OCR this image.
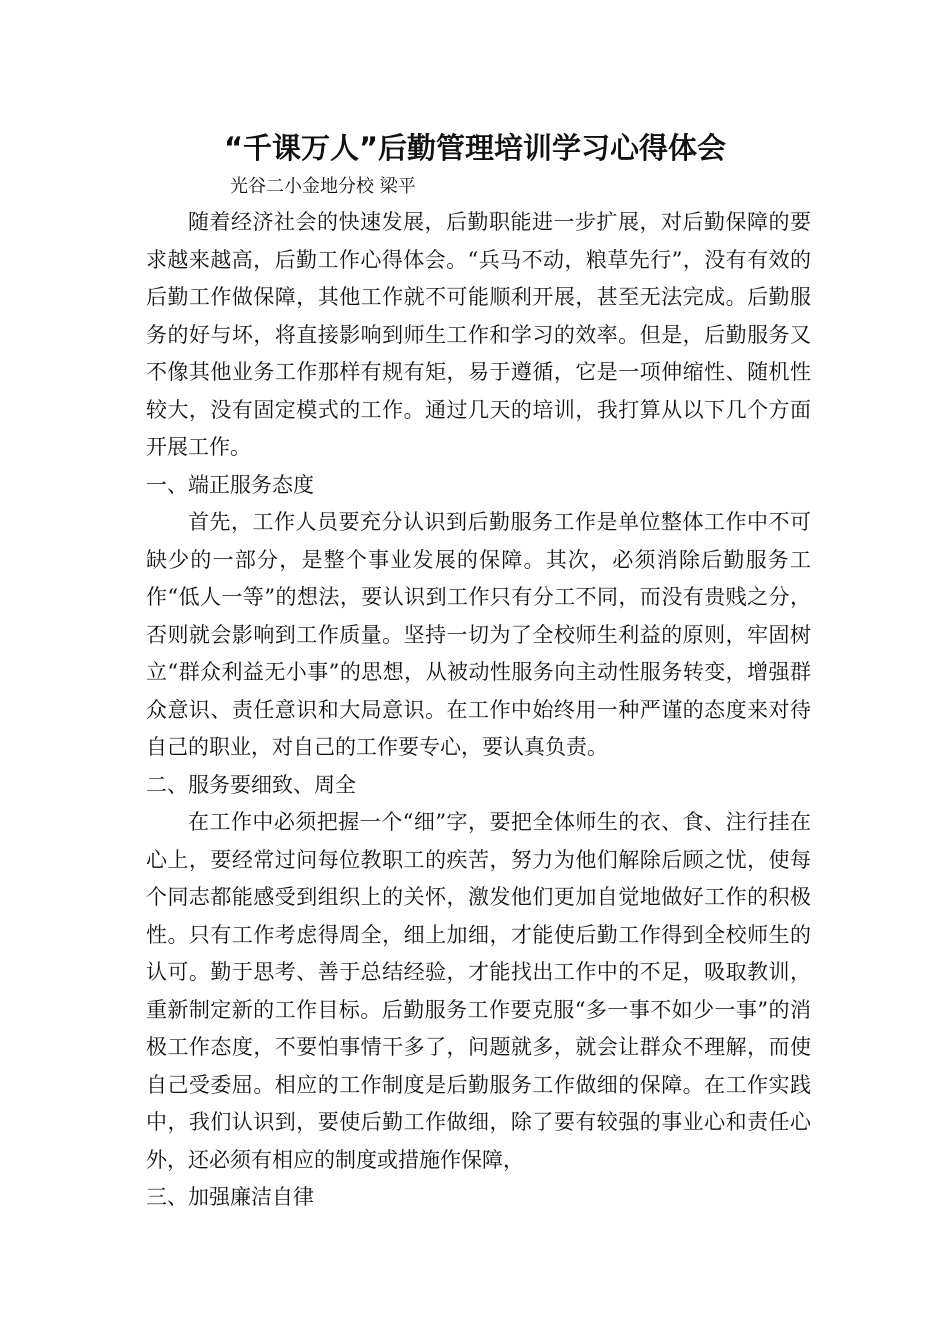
“千课万人”后勤管理培训学习心得体会
光谷二小金地分校 梁平

随着经济社会的快速发展，后勤职能进一步扩展，对后勤保障的要求越来越高，后勤工作心得体会。“兵马不动，粮草先行”，没有有效的后勤工作做保障，其他工作就不可能顺利开展，甚至无法完成。后勤服务的好与坏，将直接影响到师生工作和学习的效率。但是，后勤服务又不像其他业务工作那样有规有矩，易于遵循，它是一项伸缩性、随机性较大，没有固定模式的工作。通过几天的培训，我打算从以下几个方面开展工作。

一、端正服务态度

首先，工作人员要充分认识到后勤服务工作是单位整体工作中不可缺少的一部分，是整个事业发展的保障。其次，必须消除后勤服务工作“低人一等”的想法，要认识到工作只有分工不同，而没有贵贱之分，否则就会影响到工作质量。坚持一切为了全校师生利益的原则，牢固树立“群众利益无小事”的思想，从被动性服务向主动性服务转变，增强群众意识、责任意识和大局意识。在工作中始终用一种严谨的态度来对待自己的职业，对自己的工作要专心，要认真负责。

二、服务要细致、周全

在工作中必须把握一个“细”字，要把全体师生的衣、食、注行挂在心上，要经常过问每位教职工的疾苦，努力为他们解除后顾之忧，使每个同志都能感受到组织上的关怀，激发他们更加自觉地做好工作的积极性。只有工作考虑得周全，细上加细，才能使后勤工作得到全校师生的认可。勤于思考、善于总结经验，才能找出工作中的不足，吸取教训，重新制定新的工作目标。后勤服务工作要克服“多一事不如少一事”的消极工作态度，不要怕事情干多了，问题就多，就会让群众不理解，而使自己受委屈。相应的工作制度是后勤服务工作做细的保障。在工作实践中，我们认识到，要使后勤工作做细，除了要有较强的事业心和责任心外，还必须有相应的制度或措施作保障，

三、加强廉洁自律
